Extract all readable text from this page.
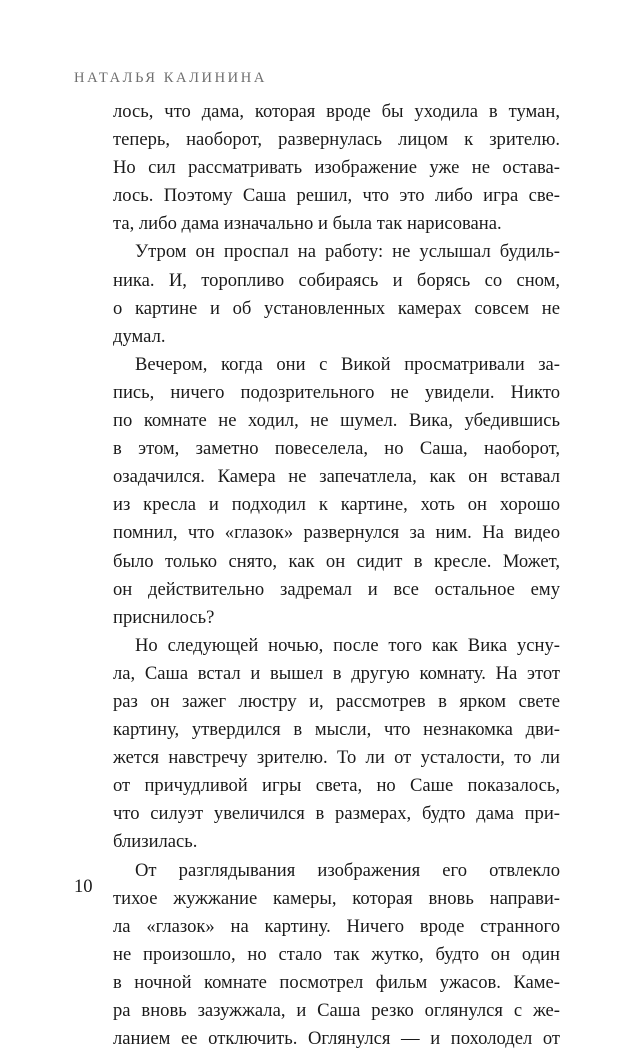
НАТАЛЬЯ КАЛИНИНА
лось, что дама, которая вроде бы уходила в туман,
теперь, наоборот, развернулась лицом к зрителю.
Но сил рассматривать изображение уже не остава-
лось. Поэтому Саша решил, что это либо игра све-
та, либо дама изначально и была так нарисована.
Утром он проспал на работу: не услышал будиль-
ника. И, торопливо собираясь и борясь со сном,
о картине и об установленных камерах совсем не
думал.
Вечером, когда они с Викой просматривали за-
пись, ничего подозрительного не увидели. Никто
по комнате не ходил, не шумел. Вика, убедившись
в этом, заметно повеселела, но Саша, наоборот,
озадачился. Камера не запечатлела, как он вставал
из кресла и подходил к картине, хоть он хорошо
помнил, что «глазок» развернулся за ним. На видео
было только снято, как он сидит в кресле. Может,
он действительно задремал и все остальное ему
приснилось?
Но следующей ночью, после того как Вика усну-
ла, Саша встал и вышел в другую комнату. На этот
раз он зажег люстру и, рассмотрев в ярком свете
картину, утвердился в мысли, что незнакомка дви-
жется навстречу зрителю. То ли от усталости, то ли
от причудливой игры света, но Саше показалось,
что силуэт увеличился в размерах, будто дама при-
близилась.
От разглядывания изображения его отвлекло
тихое жужжание камеры, которая вновь направи-
ла «глазок» на картину. Ничего вроде странного
не произошло, но стало так жутко, будто он один
в ночной комнате посмотрел фильм ужасов. Каме-
ра вновь зазужжала, и Саша резко оглянулся с же-
ланием ее отключить. Оглянулся — и похолодел от
10
